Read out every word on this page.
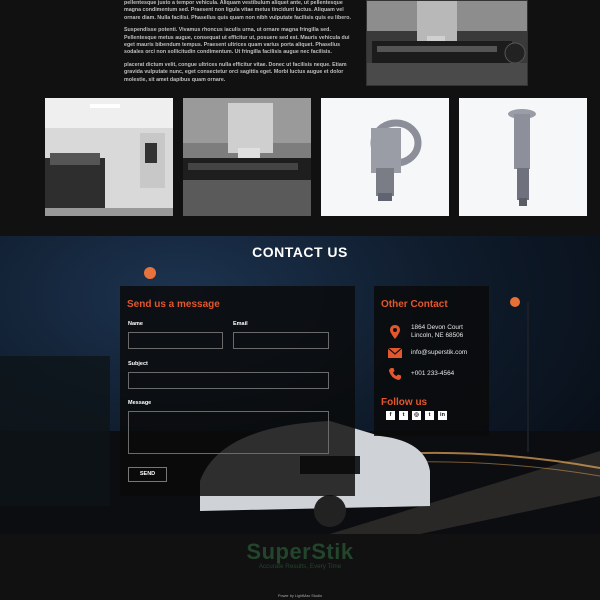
pellentesque justo a tempor vehicula. Aliquam vestibulum aliquet ante, ut pellentesque magna condimentum sed. Praesent non ligula vitae metus tincidunt luctus. Aliquam vel ornare diam. Nulla facilisi. Phasellus quis quam non nibh vulputate facilisis quis eu libero.

Suspendisse potenti. Vivamus rhoncus iaculis urna, ut ornare magna fringilla sed. Pellentesque metus augue, consequat ut efficitur ut, posuere sed est. Mauris vehicula dui eget mauris bibendum tempus. Praesent ultrices quam varius porta aliquet. Phasellus sodales orci non sollicitudin condimentum. Ut fringilla facilisis augue nec facilisis.

placerat dictum velit, congue ultrices nulla efficitur vitae. Donec ut facilisis neque. Etiam gravida vulputate nunc, eget consectetur orci sagittis eget. Morbi luctus augue et dolor molestie, sit amet dapibus quam ornare.

CONTACT US
Send us a message
Name	Email
Subject
Message
SEND
Other Contact
1864 Devon Court
Lincoln, NE 68506
info@superstik.com
+001 233-4564
Follow us
f	t	◎	t	in
SuperStik
Accurate Results, Every Time
Power by LightMax Studio
